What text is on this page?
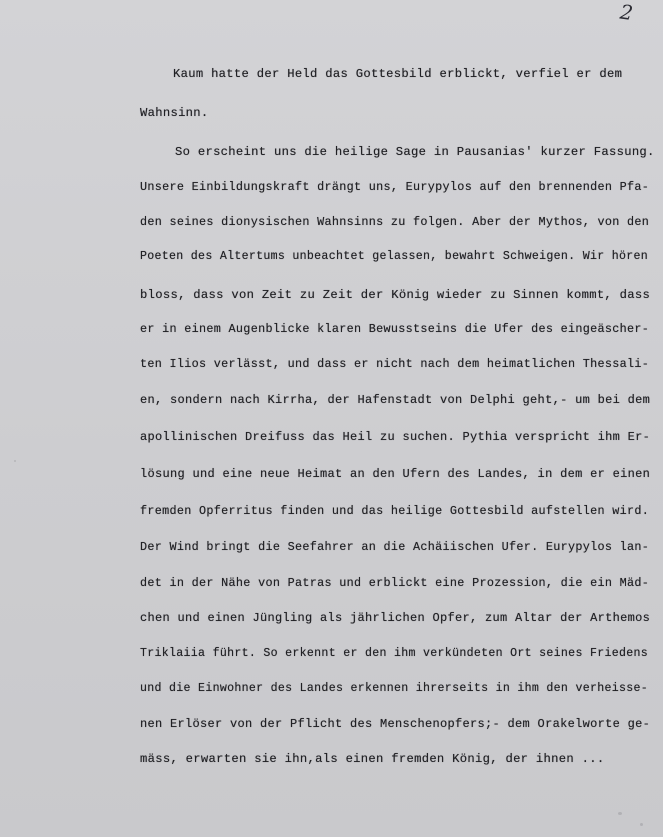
2
Kaum hatte der Held das Gottesbild erblickt, verfiel er dem
Wahnsinn.
So erscheint uns die heilige Sage in Pausanias' kurzer Fassung.
Unsere Einbildungskraft drängt uns, Eurypylos auf den brennenden Pfa-
den seines dionysischen Wahnsinns zu folgen. Aber der Mythos, von den
Poeten des Altertums unbeachtet gelassen, bewahrt Schweigen. Wir hören
bloss, dass von Zeit zu Zeit der König wieder zu Sinnen kommt, dass
er in einem Augenblicke klaren Bewusstseins die Ufer des eingeäscher-
ten Ilios verlässt, und dass er nicht nach dem heimatlichen Thessali-
en, sondern nach Kirrha, der Hafenstadt von Delphi geht,- um bei dem
apollinischen Dreifuss das Heil zu suchen. Pythia verspricht ihm Er-
lösung und eine neue Heimat an den Ufern des Landes, in dem er einen
fremden Opferritus finden und das heilige Gottesbild aufstellen wird.
Der Wind bringt die Seefahrer an die Achäiischen Ufer. Eurypylos lan-
det in der Nähe von Patras und erblickt eine Prozession, die ein Mäd-
chen und einen Jüngling als jährlichen Opfer, zum Altar der Arthemos
Triklaiia führt. So erkennt er den ihm verkündeten Ort seines Friedens
und die Einwohner des Landes erkennen ihrerseits in ihm den verheisse-
nen Erlöser von der Pflicht des Menschenopfers;- dem Orakelworte ge-
mäss, erwarten sie ihn,als einen fremden König, der ihnen ...
